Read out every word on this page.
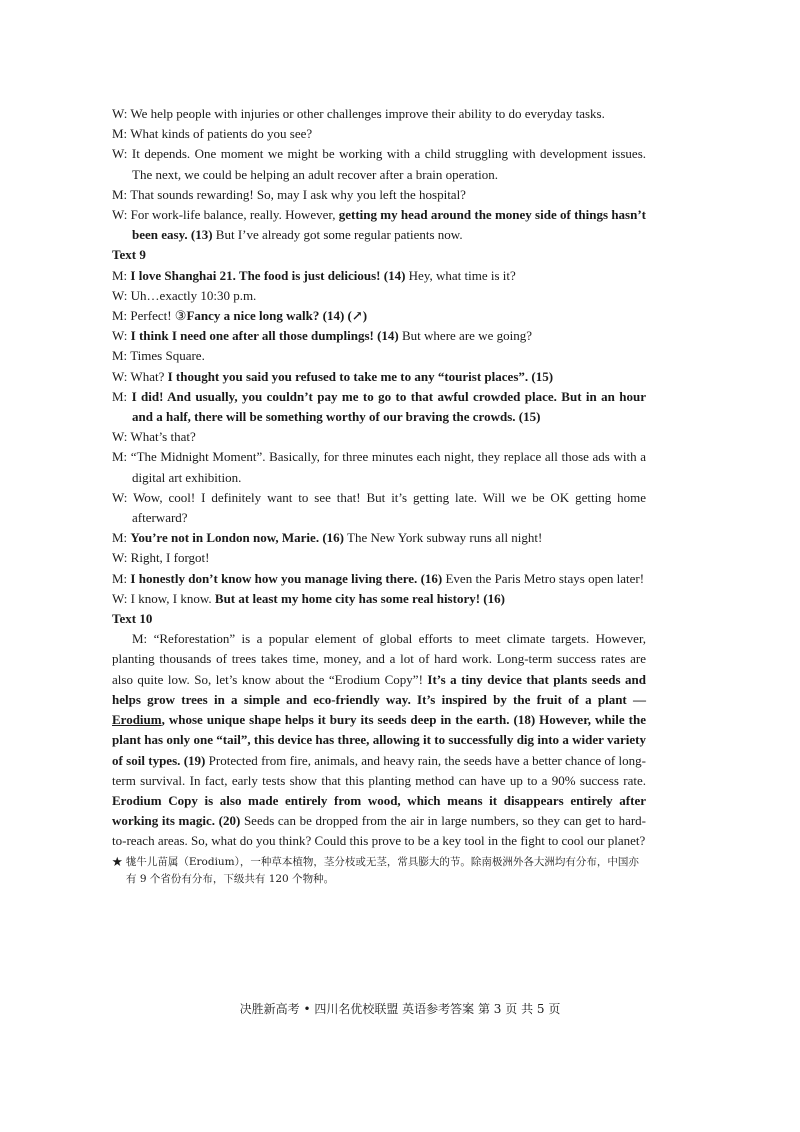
W: We help people with injuries or other challenges improve their ability to do everyday tasks.

M: What kinds of patients do you see?

W: It depends. One moment we might be working with a child struggling with development issues. The next, we could be helping an adult recover after a brain operation.

M: That sounds rewarding! So, may I ask why you left the hospital?

W: For work-life balance, really. However, getting my head around the money side of things hasn’t been easy. (13) But I’ve already got some regular patients now.

Text 9

M: I love Shanghai 21. The food is just delicious! (14) Hey, what time is it?

W: Uh…exactly 10:30 p.m.

M: Perfect! ③Fancy a nice long walk? (14) (↗)

W: I think I need one after all those dumplings! (14) But where are we going?

M: Times Square.

W: What? I thought you said you refused to take me to any “tourist places”. (15)

M: I did! And usually, you couldn’t pay me to go to that awful crowded place. But in an hour and a half, there will be something worthy of our braving the crowds. (15)

W: What’s that?

M: “The Midnight Moment”. Basically, for three minutes each night, they replace all those ads with a digital art exhibition.

W: Wow, cool! I definitely want to see that! But it’s getting late. Will we be OK getting home afterward?

M: You’re not in London now, Marie. (16) The New York subway runs all night!

W: Right, I forgot!

M: I honestly don’t know how you manage living there. (16) Even the Paris Metro stays open later!

W: I know, I know. But at least my home city has some real history! (16)

Text 10

M: “Reforestation” is a popular element of global efforts to meet climate targets. However, planting thousands of trees takes time, money, and a lot of hard work. Long-term success rates are also quite low. So, let’s know about the “Erodium Copy”! It’s a tiny device that plants seeds and helps grow trees in a simple and eco-friendly way. It’s inspired by the fruit of a plant — Erodium, whose unique shape helps it bury its seeds deep in the earth. (18) However, while the plant has only one “tail”, this device has three, allowing it to successfully dig into a wider variety of soil types. (19) Protected from fire, animals, and heavy rain, the seeds have a better chance of long-term survival. In fact, early tests show that this planting method can have up to a 90% success rate. Erodium Copy is also made entirely from wood, which means it disappears entirely after working its magic. (20) Seeds can be dropped from the air in large numbers, so they can get to hard-to-reach areas. So, what do you think? Could this prove to be a key tool in the fight to cool our planet?

★ 牻牛儿苗属（Erodium），一种草本植物，茎分枝或无茎，常具膨大的节。除南极洲外各大洲均有分布，中国亦有 9 个省份有分布，下级共有 120 个物种。

决胜新高考 • 四川名优校联盟 英语参考答案 第 3 页 共 5 页
